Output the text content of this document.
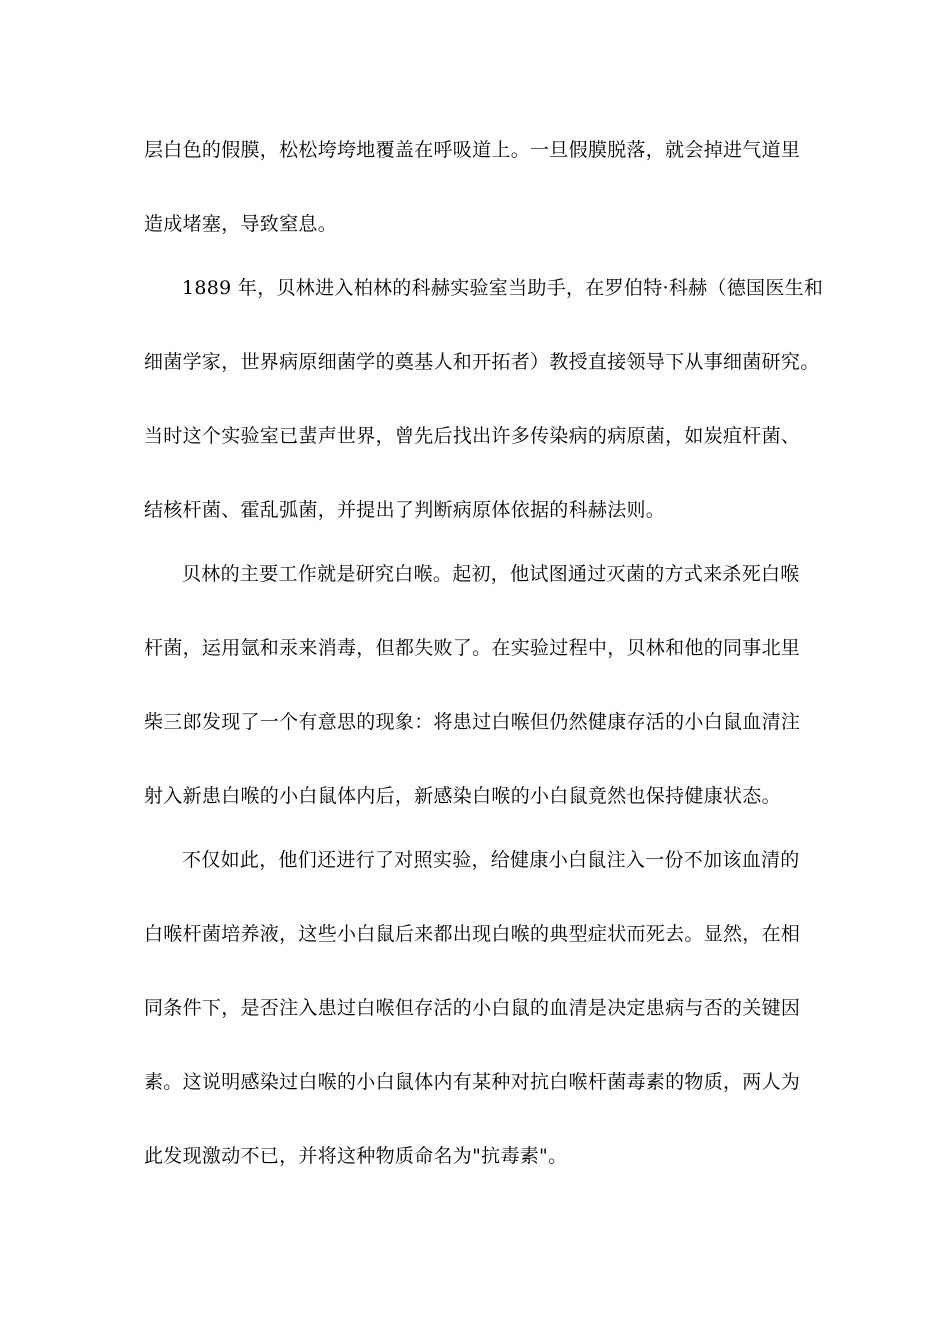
层白色的假膜，松松垮垮地覆盖在呼吸道上。一旦假膜脱落，就会掉进气道里
造成堵塞，导致窒息。
1889 年，贝林进入柏林的科赫实验室当助手，在罗伯特·科赫（德国医生和
细菌学家，世界病原细菌学的奠基人和开拓者）教授直接领导下从事细菌研究。
当时这个实验室已蜚声世界，曾先后找出许多传染病的病原菌，如炭疽杆菌、
结核杆菌、霍乱弧菌，并提出了判断病原体依据的科赫法则。
贝林的主要工作就是研究白喉。起初，他试图通过灭菌的方式来杀死白喉
杆菌，运用氩和汞来消毒，但都失败了。在实验过程中，贝林和他的同事北里
柴三郎发现了一个有意思的现象：将患过白喉但仍然健康存活的小白鼠血清注
射入新患白喉的小白鼠体内后，新感染白喉的小白鼠竟然也保持健康状态。
不仅如此，他们还进行了对照实验，给健康小白鼠注入一份不加该血清的
白喉杆菌培养液，这些小白鼠后来都出现白喉的典型症状而死去。显然，在相
同条件下，是否注入患过白喉但存活的小白鼠的血清是决定患病与否的关键因
素。这说明感染过白喉的小白鼠体内有某种对抗白喉杆菌毒素的物质，两人为
此发现激动不已，并将这种物质命名为"抗毒素"。
